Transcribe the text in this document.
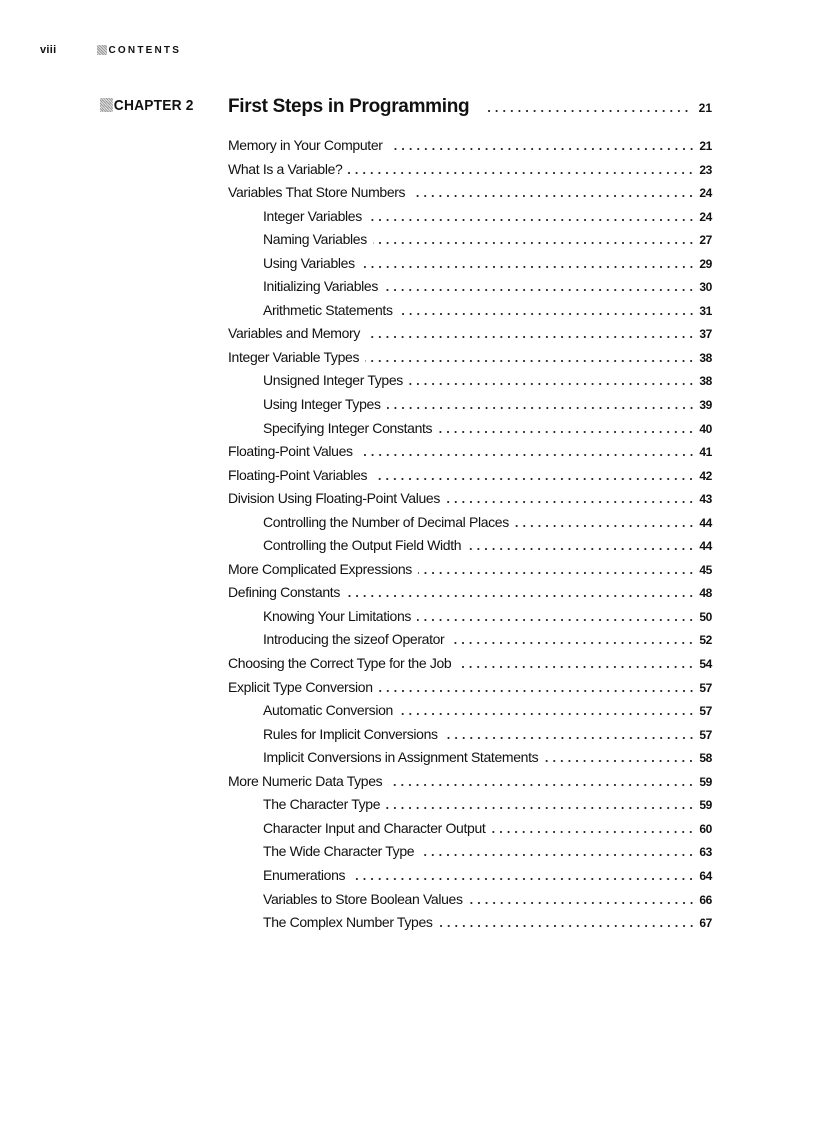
viii	CONTENTS
CHAPTER 2 First Steps in Programming	21
Memory in Your Computer	21
What Is a Variable?	23
Variables That Store Numbers	24
Integer Variables	24
Naming Variables	27
Using Variables	29
Initializing Variables	30
Arithmetic Statements	31
Variables and Memory	37
Integer Variable Types	38
Unsigned Integer Types	38
Using Integer Types	39
Specifying Integer Constants	40
Floating-Point Values	41
Floating-Point Variables	42
Division Using Floating-Point Values	43
Controlling the Number of Decimal Places	44
Controlling the Output Field Width	44
More Complicated Expressions	45
Defining Constants	48
Knowing Your Limitations	50
Introducing the sizeof Operator	52
Choosing the Correct Type for the Job	54
Explicit Type Conversion	57
Automatic Conversion	57
Rules for Implicit Conversions	57
Implicit Conversions in Assignment Statements	58
More Numeric Data Types	59
The Character Type	59
Character Input and Character Output	60
The Wide Character Type	63
Enumerations	64
Variables to Store Boolean Values	66
The Complex Number Types	67
